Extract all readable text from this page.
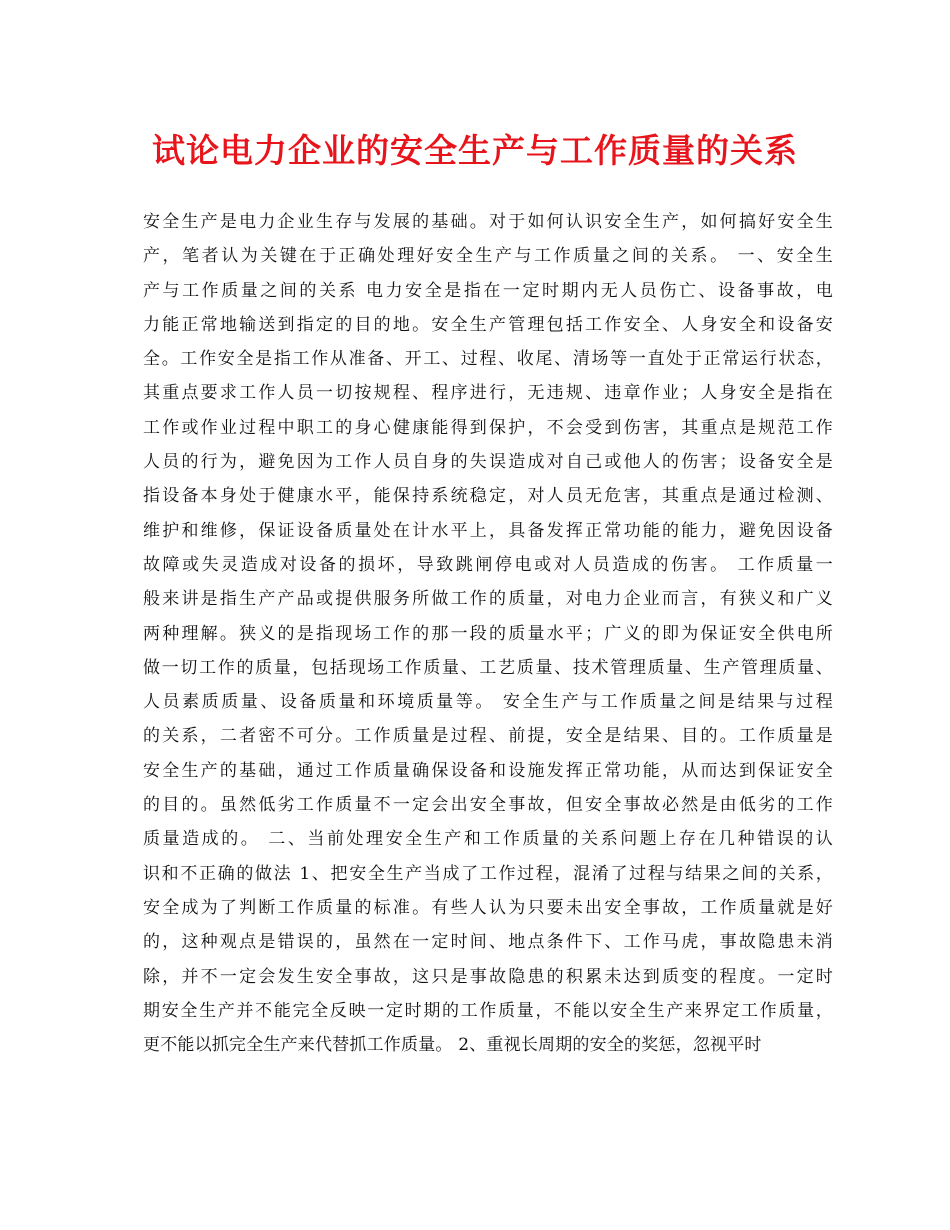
试论电力企业的安全生产与工作质量的关系
安全生产是电力企业生存与发展的基础。对于如何认识安全生产，如何搞好安全生
产，笔者认为关键在于正确处理好安全生产与工作质量之间的关系。 一、安全生
产与工作质量之间的关系 电力安全是指在一定时期内无人员伤亡、设备事故，电
力能正常地输送到指定的目的地。安全生产管理包括工作安全、人身安全和设备安
全。工作安全是指工作从准备、开工、过程、收尾、清场等一直处于正常运行状态，
其重点要求工作人员一切按规程、程序进行，无违规、违章作业；人身安全是指在
工作或作业过程中职工的身心健康能得到保护，不会受到伤害，其重点是规范工作
人员的行为，避免因为工作人员自身的失误造成对自己或他人的伤害；设备安全是
指设备本身处于健康水平，能保持系统稳定，对人员无危害，其重点是通过检测、
维护和维修，保证设备质量处在计水平上，具备发挥正常功能的能力，避免因设备
故障或失灵造成对设备的损坏，导致跳闸停电或对人员造成的伤害。 工作质量一
般来讲是指生产产品或提供服务所做工作的质量，对电力企业而言，有狭义和广义
两种理解。狭义的是指现场工作的那一段的质量水平；广义的即为保证安全供电所
做一切工作的质量，包括现场工作质量、工艺质量、技术管理质量、生产管理质量、
人员素质质量、设备质量和环境质量等。 安全生产与工作质量之间是结果与过程
的关系，二者密不可分。工作质量是过程、前提，安全是结果、目的。工作质量是
安全生产的基础，通过工作质量确保设备和设施发挥正常功能，从而达到保证安全
的目的。虽然低劣工作质量不一定会出安全事故，但安全事故必然是由低劣的工作
质量造成的。 二、当前处理安全生产和工作质量的关系问题上存在几种错误的认
识和不正确的做法 1、把安全生产当成了工作过程，混淆了过程与结果之间的关系，
安全成为了判断工作质量的标准。有些人认为只要未出安全事故，工作质量就是好
的，这种观点是错误的，虽然在一定时间、地点条件下、工作马虎，事故隐患未消
除，并不一定会发生安全事故，这只是事故隐患的积累未达到质变的程度。一定时
期安全生产并不能完全反映一定时期的工作质量，不能以安全生产来界定工作质量，
更不能以抓完全生产来代替抓工作质量。 2、重视长周期的安全的奖惩，忽视平时
